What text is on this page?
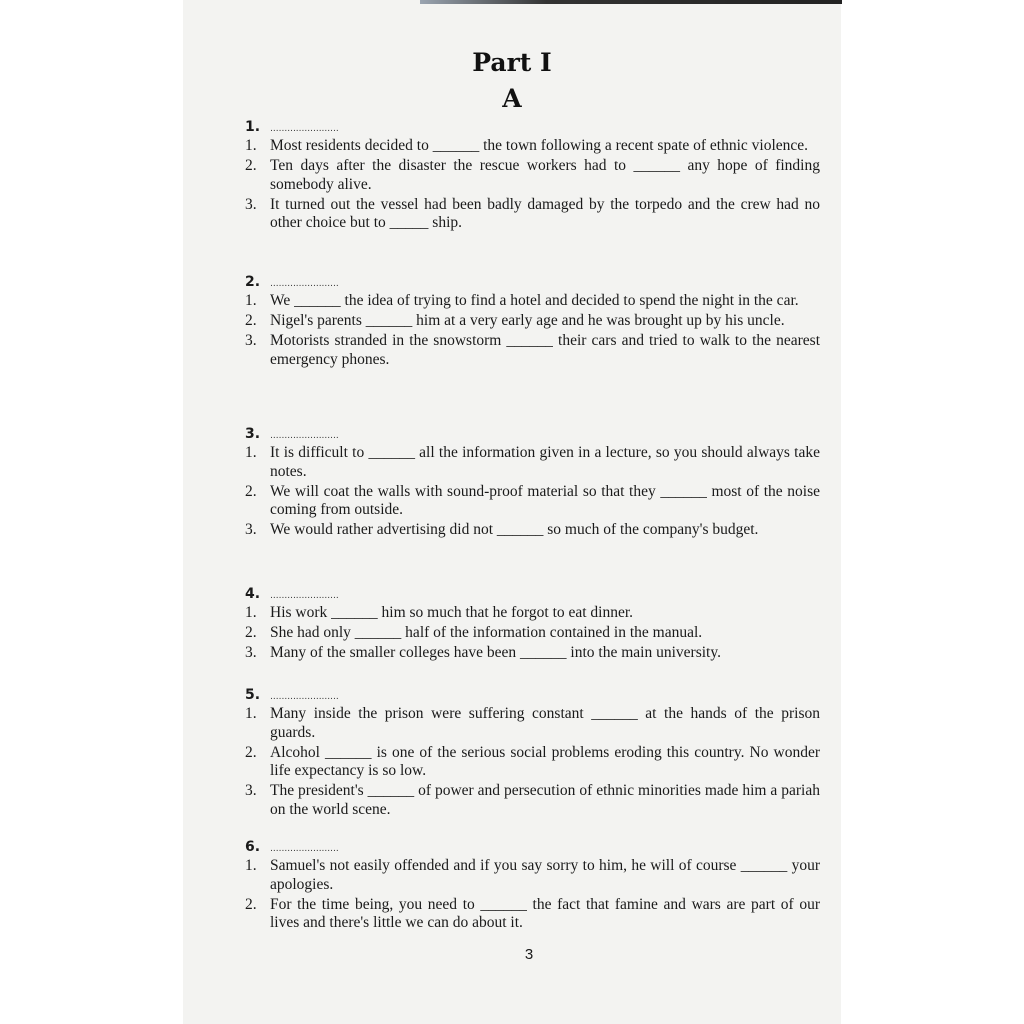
Part I
A
1. ........................
1. Most residents decided to ______ the town following a recent spate of ethnic violence.
2. Ten days after the disaster the rescue workers had to ______ any hope of finding somebody alive.
3. It turned out the vessel had been badly damaged by the torpedo and the crew had no other choice but to _____ ship.
2. ........................
1. We ______ the idea of trying to find a hotel and decided to spend the night in the car.
2. Nigel's parents ______ him at a very early age and he was brought up by his uncle.
3. Motorists stranded in the snowstorm ______ their cars and tried to walk to the nearest emergency phones.
3. ........................
1. It is difficult to ______ all the information given in a lecture, so you should always take notes.
2. We will coat the walls with sound-proof material so that they ______ most of the noise coming from outside.
3. We would rather advertising did not ______ so much of the company's budget.
4. ........................
1. His work ______ him so much that he forgot to eat dinner.
2. She had only ______ half of the information contained in the manual.
3. Many of the smaller colleges have been ______ into the main university.
5. ........................
1. Many inside the prison were suffering constant ______ at the hands of the prison guards.
2. Alcohol ______ is one of the serious social problems eroding this country. No wonder life expectancy is so low.
3. The president's ______ of power and persecution of ethnic minorities made him a pariah on the world scene.
6. ........................
1. Samuel's not easily offended and if you say sorry to him, he will of course ______ your apologies.
2. For the time being, you need to ______ the fact that famine and wars are part of our lives and there's little we can do about it.
3
